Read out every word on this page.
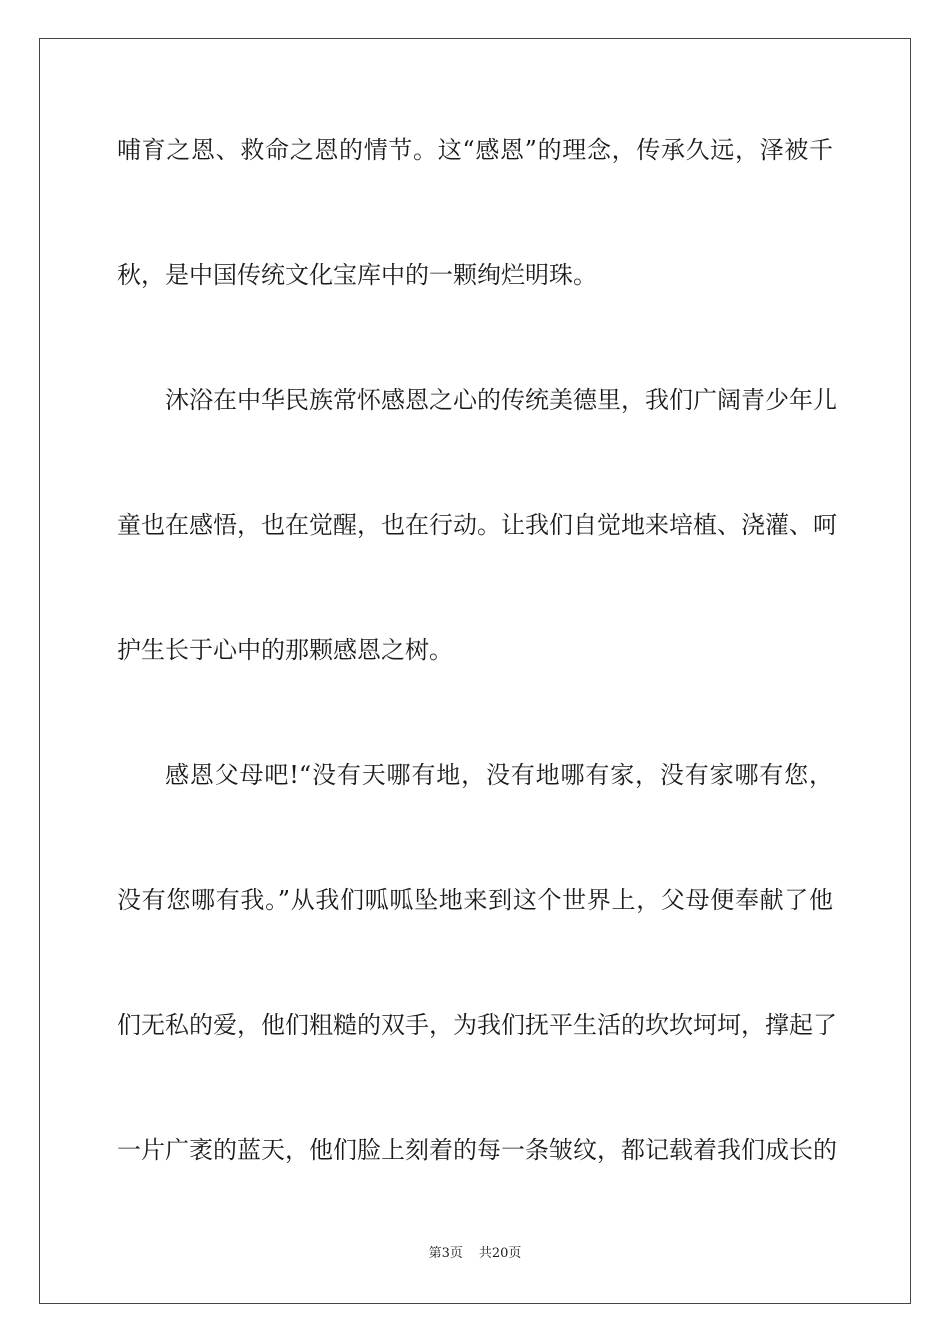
哺育之恩、救命之恩的情节。这“感恩”的理念，传承久远，泽被千
秋，是中国传统文化宝库中的一颗绚烂明珠。
沐浴在中华民族常怀感恩之心的传统美德里，我们广阔青少年儿
童也在感悟，也在觉醒，也在行动。让我们自觉地来培植、浇灌、呵
护生长于心中的那颗感恩之树。
感恩父母吧!“没有天哪有地，没有地哪有家，没有家哪有您，
没有您哪有我。”从我们呱呱坠地来到这个世界上，父母便奉献了他
们无私的爱，他们粗糙的双手，为我们抚平生活的坎坎坷坷，撑起了
一片广袤的蓝天，他们脸上刻着的每一条皱纹，都记载着我们成长的
第3页 共20页
